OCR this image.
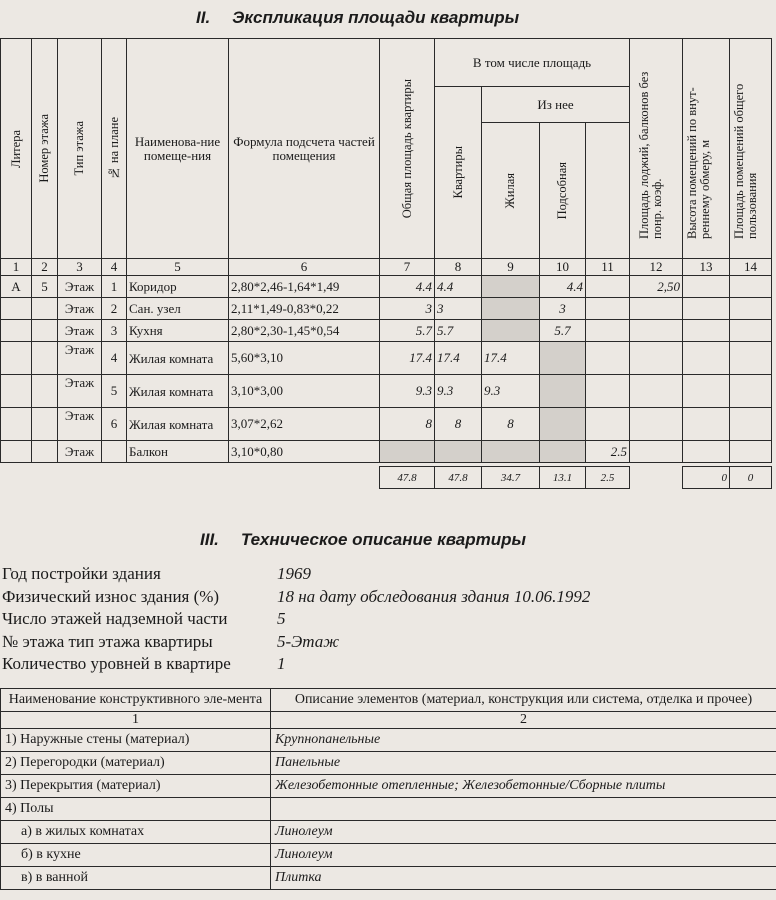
II. Экспликация площади квартиры
Литера	Номер этажа	Тип этажа	№ на плане	Наименова-ние помеще-ния	Формула подсчета частей помещения	Общая площадь квартиры	В том числе площадь				Площадь лоджий, балконов без понр. коэф.	Высота помещений по внут-реннему обмеру, м	Площадь помещений общего пользования

							Квартиры	Из нее						

								Жилая	Подсобная					

1	2	3	4	5	6	7	8	9	10	11	12	13	14	
А	5	Этаж	1	Коридор	2,80*2,46-1,64*1,49	4.4	4.4		4.4		2,50			
		Этаж	2	Сан. узел	2,11*1,49-0,83*0,22	3	3		3					
		Этаж	3	Кухня	2,80*2,30-1,45*0,54	5.7	5.7		5.7					
		Этаж	4	Жилая комната	5,60*3,10	17.4	17.4	17.4						
		Этаж	5	Жилая комната	3,10*3,00	9.3	9.3	9.3						
		Этаж	6	Жилая комната	3,07*2,62	8	8	8						
		Этаж		Балкон	3,10*0,80					2.5				

						47.8	47.8	34.7	13.1	2.5		0	0	
III. Техническое описание квартиры
Год постройки здания	1969
Физический износ здания (%)	18 на дату обследования здания 10.06.1992
Число этажей надземной части	5
№ этажа тип этажа квартиры	5-Этаж
Количество уровней в квартире	1
Наименование конструктивного эле-мента	Описание элементов (материал, конструкция или система, отделка и прочее)
1	2
1) Наружные стены (материал)	Крупнопанельные
2) Перегородки (материал)	Панельные
3) Перекрытия (материал)	Железобетонные отепленные; Железобетонные/Сборные плиты
4) Полы	
а) в жилых комнатах	Линолеум
б) в кухне	Линолеум
в) в ванной	Плитка
